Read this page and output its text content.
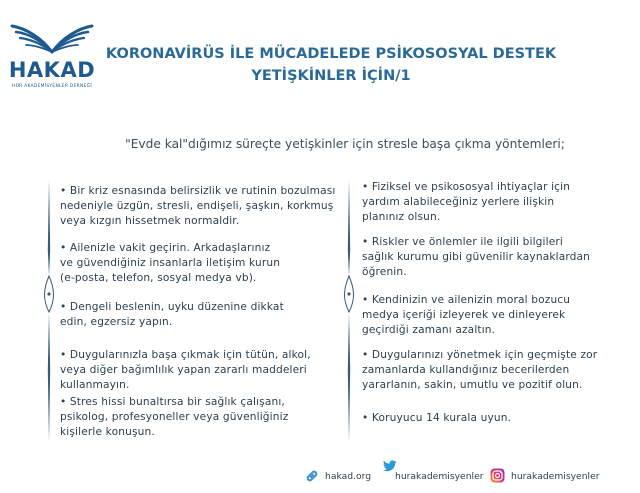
HAKAD
HÜR AKADEMİSYENLER DERNEĞİ
KORONAVİRÜS İLE MÜCADELEDE PSİKOSOSYAL DESTEK
YETİŞKİNLER İÇİN/1
"Evde kal"dığımız süreçte yetişkinler için stresle başa çıkma yöntemleri;
• Bir kriz esnasında belirsizlik ve rutinin bozulması
nedeniyle üzgün, stresli, endişeli, şaşkın, korkmuş
veya kızgın hissetmek normaldir.
• Ailenizle vakit geçirin. Arkadaşlarınız
ve güvendiğiniz insanlarla iletişim kurun
(e-posta, telefon, sosyal medya vb).
• Dengeli beslenin, uyku düzenine dikkat
edin, egzersiz yapın.
• Duygularınızla başa çıkmak için tütün, alkol,
veya diğer bağımlılık yapan zararlı maddeleri
kullanmayın.
• Stres hissi bunaltırsa bir sağlık çalışanı,
psikolog, profesyoneller veya güvenliğiniz
kişilerle konuşun.
• Fiziksel ve psikososyal ihtiyaçlar için
yardım alabileceğiniz yerlere ilişkin
planınız olsun.
• Riskler ve önlemler ile ilgili bilgileri
sağlık kurumu gibi güvenilir kaynaklardan
öğrenin.
• Kendinizin ve ailenizin moral bozucu
medya içeriği izleyerek ve dinleyerek
geçirdiği zamanı azaltın.
• Duygularınızı yönetmek için geçmişte zor
zamanlarda kullandığınız becerilerden
yararlanın, sakin, umutlu ve pozitif olun.
• Koruyucu 14 kurala uyun.
hakad.org	hurakademisyenler	hurakademisyenler
